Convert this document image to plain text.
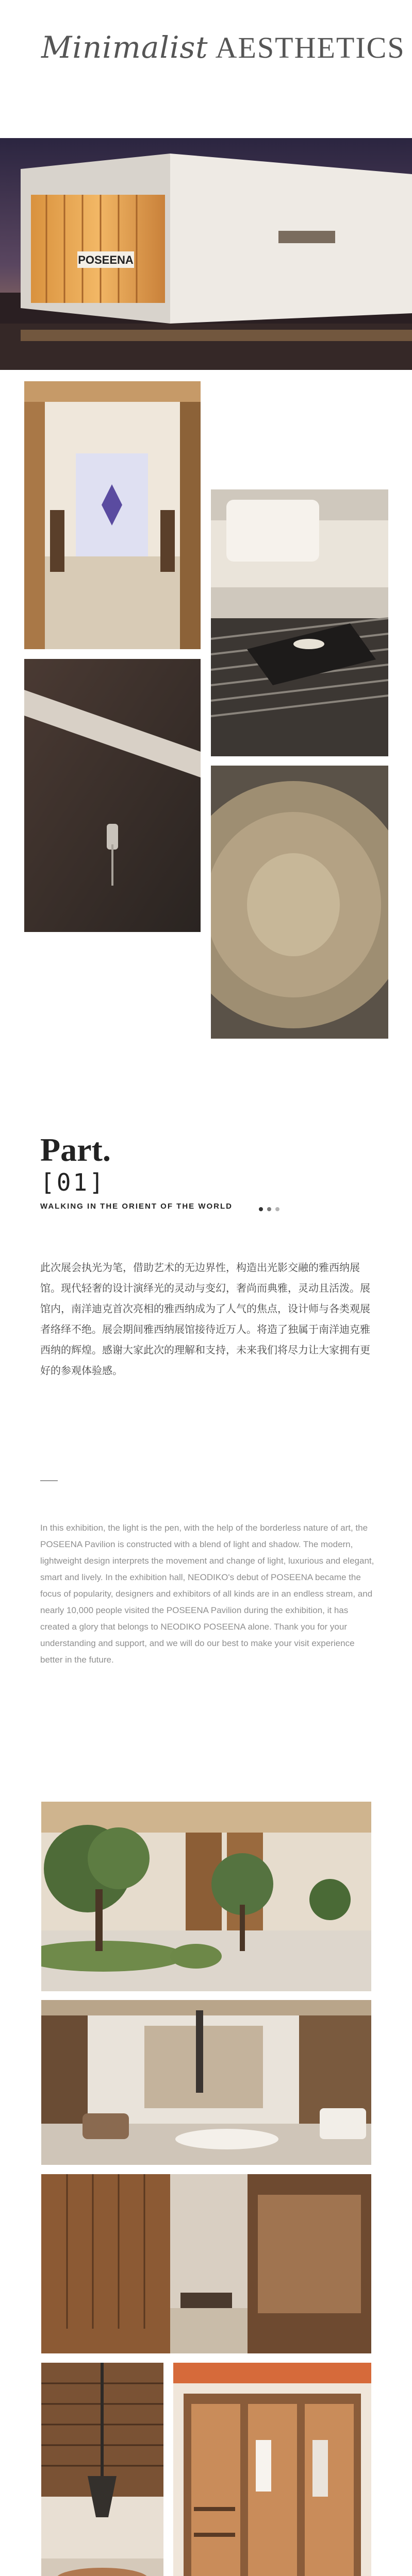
Minimalist AESTHETICS
POSEENA
Part.
[01]
WALKING IN THE ORIENT OF THE WORLD
此次展会执光为笔，借助艺术的无边界性，构造出光影交融的雅西纳展馆。现代轻奢的设计演绎光的灵动与变幻，奢尚而典雅，灵动且活泼。展馆内，南洋迪克首次亮相的雅西纳成为了人气的焦点，设计师与各类观展者络绎不绝。展会期间雅西纳展馆接待近万人。将造了独属于南洋迪克雅西纳的辉煌。感谢大家此次的理解和支持，未来我们将尽力让大家拥有更好的参观体验感。
In this exhibition, the light is the pen, with the help of the borderless nature of art, the POSEENA Pavilion is constructed with a blend of light and shadow. The modern, lightweight design interprets the movement and change of light, luxurious and elegant, smart and lively. In the exhibition hall, NEODIKO's debut of POSEENA became the focus of popularity, designers and exhibitors of all kinds are in an endless stream, and nearly 10,000 people visited the POSEENA Pavilion during the exhibition, it has created a glory that belongs to NEODIKO POSEENA alone. Thank you for your understanding and support, and we will do our best to make your visit experience better in the future.
